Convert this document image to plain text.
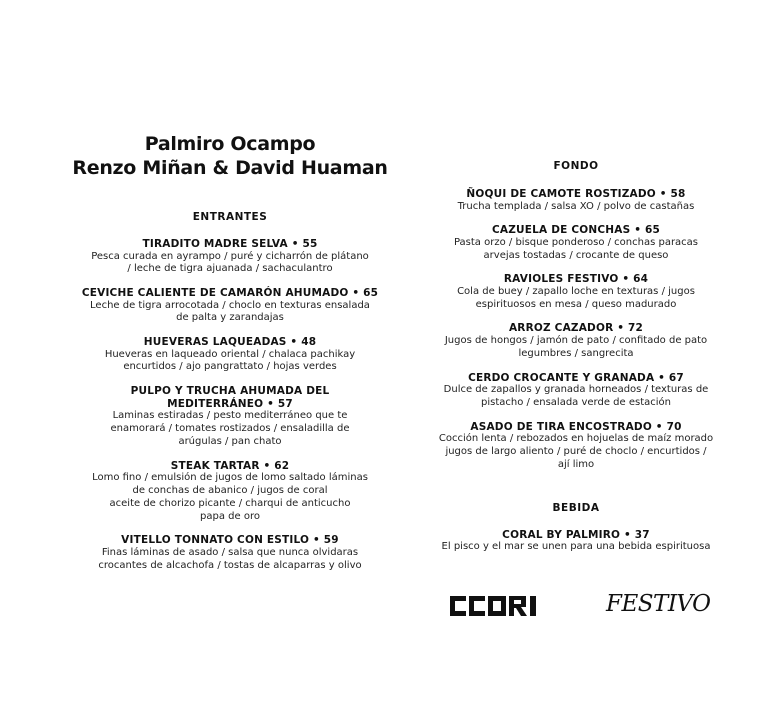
Palmiro Ocampo
Renzo Miñan & David Huaman
ENTRANTES
TIRADITO MADRE SELVA • 55
Pesca curada en ayrampo / puré y cicharrón de plátano
/ leche de tigra ajuanada / sachaculantro
CEVICHE CALIENTE DE CAMARÓN AHUMADO • 65
Leche de tigra arrocotada / choclo en texturas ensalada
de palta y zarandajas
HUEVERAS LAQUEADAS • 48
Hueveras en laqueado oriental / chalaca pachikay
encurtidos / ajo pangrattato / hojas verdes
PULPO Y TRUCHA AHUMADA DEL
MEDITERRÁNEO • 57
Laminas estiradas / pesto mediterráneo que te
enamorará / tomates rostizados / ensaladilla de
arúgulas / pan chato
STEAK TARTAR • 62
Lomo fino / emulsión de jugos de lomo saltado láminas
de conchas de abanico / jugos de coral
aceite de chorizo picante / charqui de anticucho
papa de oro
VITELLO TONNATO CON ESTILO • 59
Finas láminas de asado / salsa que nunca olvidaras
crocantes de alcachofa / tostas de alcaparras y olivo
FONDO
ÑOQUI DE CAMOTE ROSTIZADO • 58
Trucha templada / salsa XO / polvo de castañas
CAZUELA DE CONCHAS • 65
Pasta orzo / bisque ponderoso / conchas paracas
arvejas tostadas / crocante de queso
RAVIOLES FESTIVO • 64
Cola de buey / zapallo loche en texturas / jugos
espirituosos en mesa / queso madurado
ARROZ CAZADOR • 72
Jugos de hongos / jamón de pato / confitado de pato
legumbres / sangrecita
CERDO CROCANTE Y GRANADA • 67
Dulce de zapallos y granada horneados / texturas de
pistacho / ensalada verde de estación
ASADO DE TIRA ENCOSTRADO • 70
Cocción lenta / rebozados en hojuelas de maíz morado
jugos de largo aliento / puré de choclo / encurtidos /
ají limo
BEBIDA
CORAL BY PALMIRO • 37
El pisco y el mar se unen para una bebida espirituosa
FESTIVO
